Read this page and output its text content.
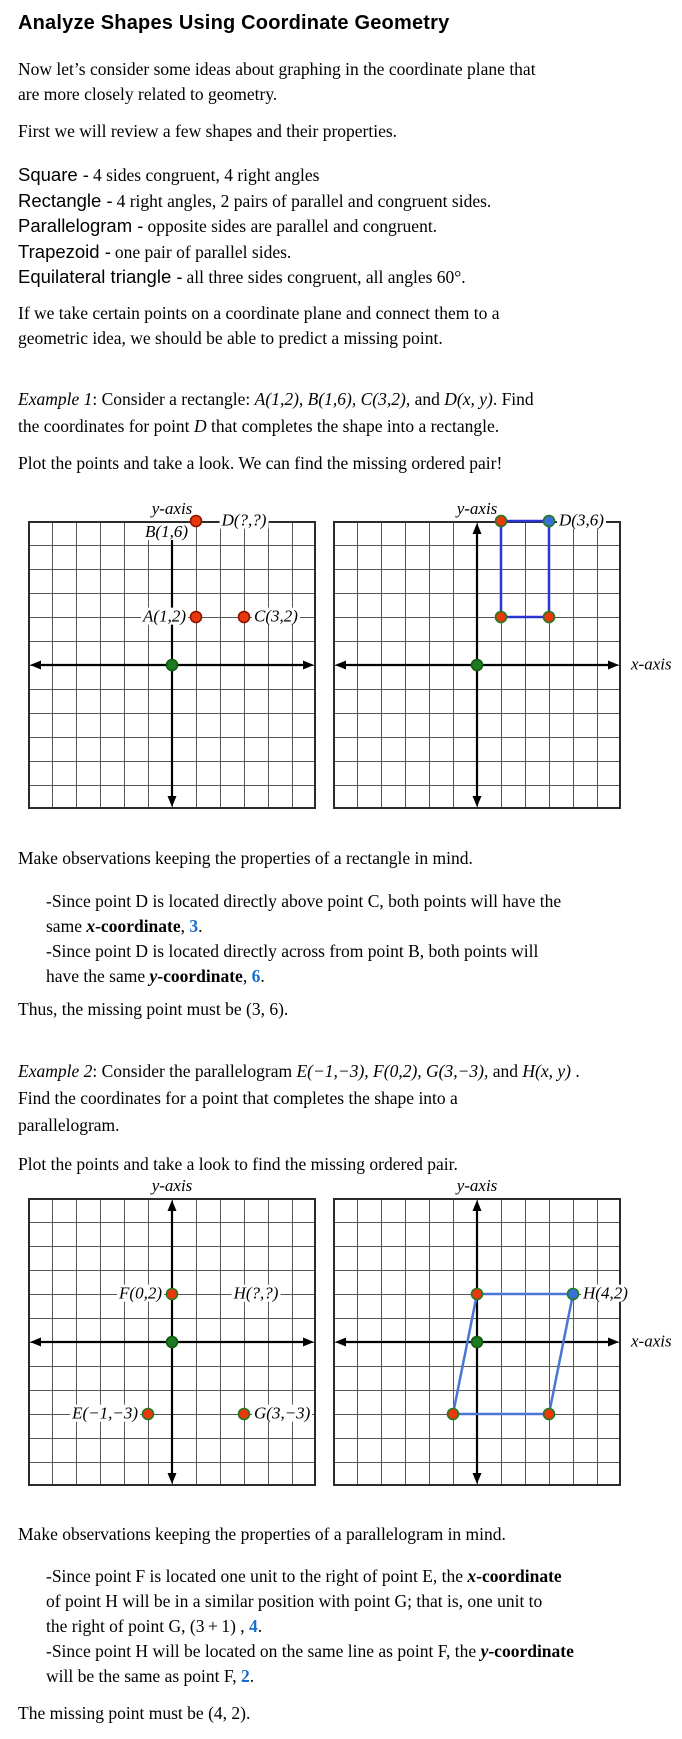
Analyze Shapes Using Coordinate Geometry

Now let’s consider some ideas about graphing in the coordinate plane that
are more closely related to geometry.

First we will review a few shapes and their properties.

Square - 4 sides congruent, 4 right angles
Rectangle - 4 right angles, 2 pairs of parallel and congruent sides.
Parallelogram - opposite sides are parallel and congruent.
Trapezoid - one pair of parallel sides.
Equilateral triangle - all three sides congruent, all angles 60°.

If we take certain points on a coordinate plane and connect them to a
geometric idea, we should be able to predict a missing point.

Example 1: Consider a rectangle: A(1,2), B(1,6), C(3,2), and D(x, y). Find
the coordinates for point D that completes the shape into a rectangle.

Plot the points and take a look. We can find the missing ordered pair!

y-axis
B(1,6)
D(?,?)
A(1,2)	C(3,2)
y-axis
D(3,6)
x-axis

Make observations keeping the properties of a rectangle in mind.

-Since point D is located directly above point C, both points will have the
same x-coordinate, 3.
-Since point D is located directly across from point B, both points will
have the same y-coordinate, 6.

Thus, the missing point must be (3, 6).

Example 2: Consider the parallelogram E(−1,−3), F(0,2), G(3,−3), and H(x, y) .
Find the coordinates for a point that completes the shape into a
parallelogram.

Plot the points and take a look to find the missing ordered pair.

y-axis
F(0,2)	H(?,?)
E(−1,−3)	G(3,−3)
y-axis
H(4,2)
x-axis

Make observations keeping the properties of a parallelogram in mind.

-Since point F is located one unit to the right of point E, the x-coordinate
of point H will be in a similar position with point G; that is, one unit to
the right of point G, (3 + 1) , 4.
-Since point H will be located on the same line as point F, the y-coordinate
will be the same as point F, 2.

The missing point must be (4, 2).
